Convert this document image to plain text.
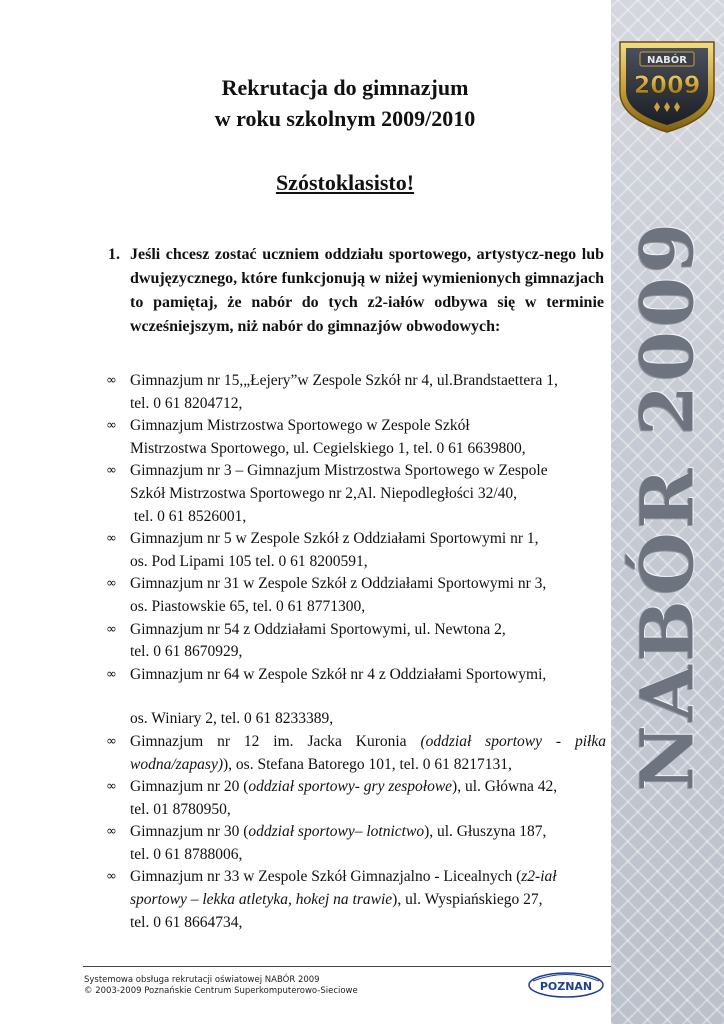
NABÓR 2009
NABÓR
2009
Rekrutacja do gimnazjum
w roku szkolnym 2009/2010
Szóstoklasisto!
1. Jeśli chcesz zostać uczniem oddziału sportowego, artystycz-nego lub dwujęzycznego, które funkcjonują w niżej wymienionych gimnazjach to pamiętaj, że nabór do tych z2-iałów odbywa się w terminie wcześniejszym, niż nabór do gimnazjów obwodowych:
∞ Gimnazjum nr 15,„Łejery”w Zespole Szkół nr 4, ul.Brandstaettera 1,
tel. 0 61 8204712,
∞ Gimnazjum Mistrzostwa Sportowego w Zespole Szkół
Mistrzostwa Sportowego, ul. Cegielskiego 1, tel. 0 61 6639800,
∞ Gimnazjum nr 3 – Gimnazjum Mistrzostwa Sportowego w Zespole
Szkół Mistrzostwa Sportowego nr 2,Al. Niepodległości 32/40,
tel. 0 61 8526001,
∞ Gimnazjum nr 5 w Zespole Szkół z Oddziałami Sportowymi nr 1,
os. Pod Lipami 105 tel. 0 61 8200591,
∞ Gimnazjum nr 31 w Zespole Szkół z Oddziałami Sportowymi nr 3,
os. Piastowskie 65, tel. 0 61 8771300,
∞ Gimnazjum nr 54 z Oddziałami Sportowymi, ul. Newtona 2,
tel. 0 61 8670929,
∞ Gimnazjum nr 64 w Zespole Szkół nr 4 z Oddziałami Sportowymi,
os. Winiary 2, tel. 0 61 8233389,
∞ Gimnazjum nr 12 im. Jacka Kuronia (oddział sportowy - piłka wodna/zapasy)), os. Stefana Batorego 101, tel. 0 61 8217131,
∞ Gimnazjum nr 20 (oddział sportowy- gry zespołowe), ul. Główna 42,
tel. 01 8780950,
∞ Gimnazjum nr 30 (oddział sportowy– lotnictwo), ul. Głuszyna 187,
tel. 0 61 8788006,
∞ Gimnazjum nr 33 w Zespole Szkół Gimnazjalno - Licealnych (z2-iał sportowy – lekka atletyka, hokej na trawie), ul. Wyspiańskiego 27,
tel. 0 61 8664734,
Systemowa obsługa rekrutacji oświatowej NABÓR 2009
© 2003-2009 Poznańskie Centrum Superkomputerowo-Sieciowe	POZNAN
